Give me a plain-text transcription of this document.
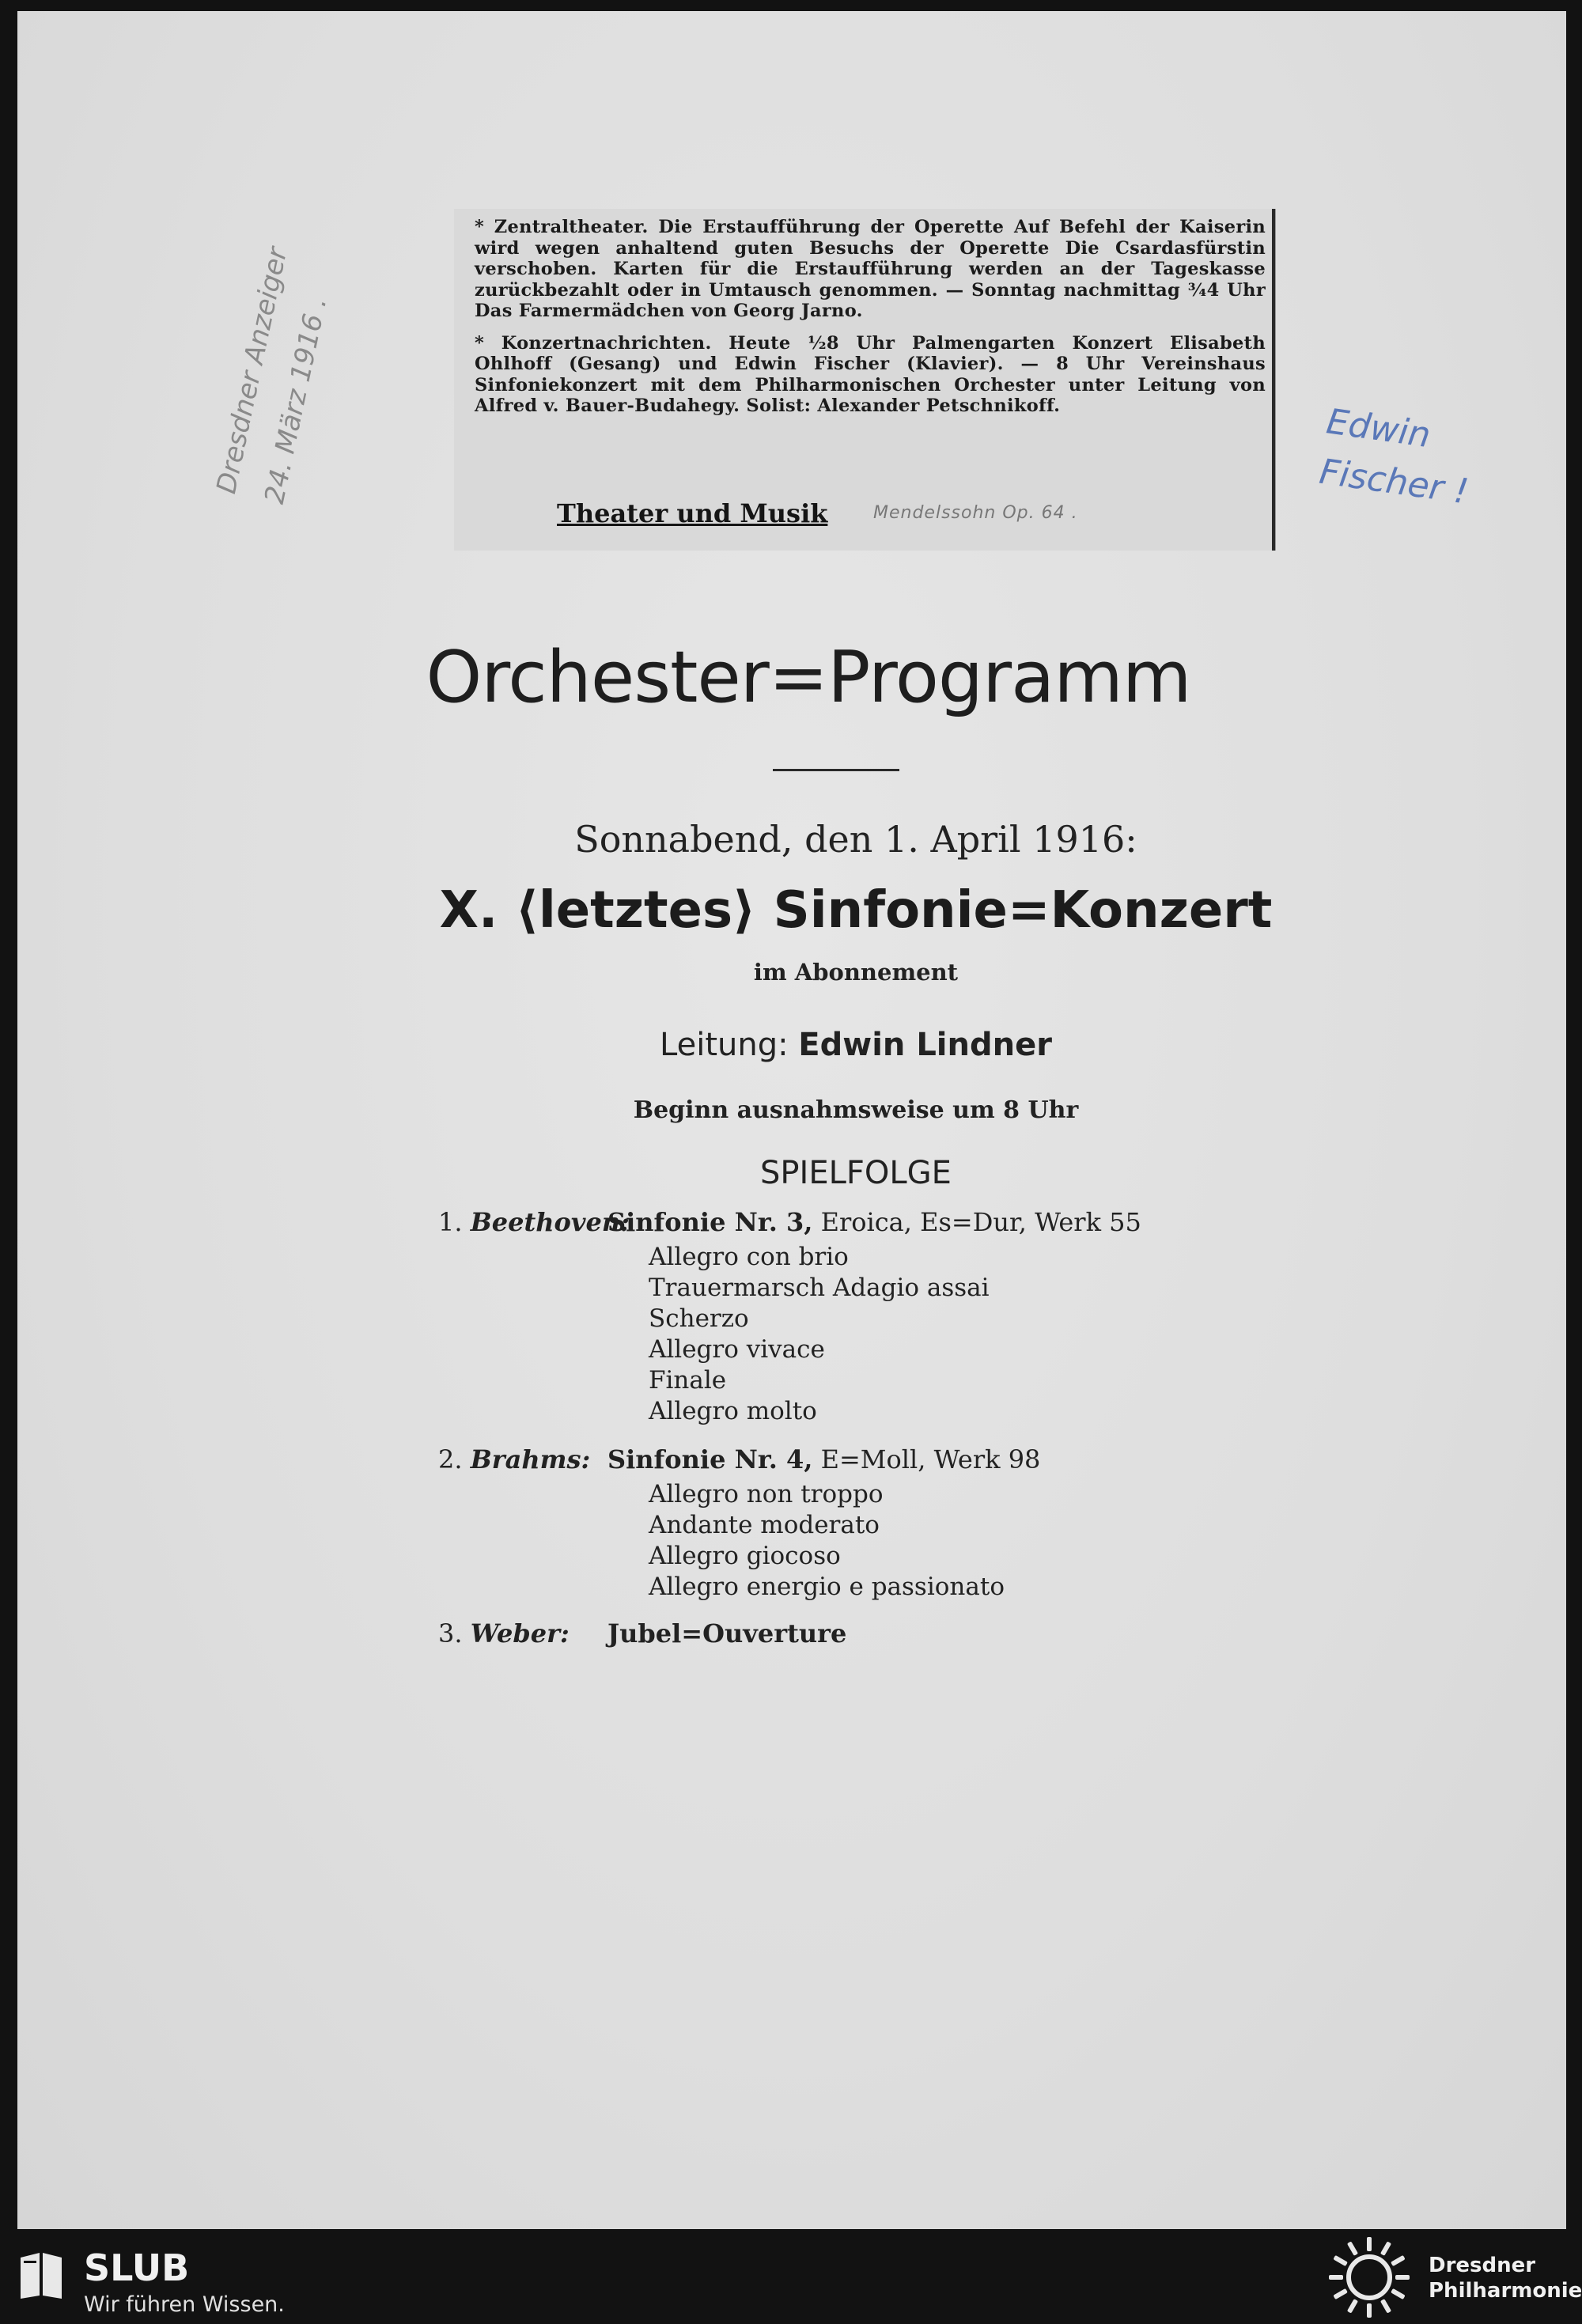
* Zentraltheater. Die Erstaufführung der Operette Auf Befehl der Kaiserin wird wegen anhaltend guten Besuchs der Operette Die Csardasfürstin verschoben. Karten für die Erstaufführung werden an der Tageskasse zurückbezahlt oder in Umtausch genommen. — Sonntag nachmittag ¾4 Uhr Das Farmermädchen von Georg Jarno.

* Konzertnachrichten. Heute ½8 Uhr Palmengarten Konzert Elisabeth Ohlhoff (Gesang) und Edwin Fischer (Klavier). — 8 Uhr Vereinshaus Sinfoniekonzert mit dem Philharmonischen Orchester unter Leitung von Alfred v. Bauer-Budahegy. Solist: Alexander Petschnikoff.

Theater und Musik	Mendelssohn Op. 64 .
Dresdner Anzeiger
24. März 1916 .	Edwin
Fischer !
Orchester=Programm
Sonnabend, den 1. April 1916:
X. ⟨letztes⟩ Sinfonie=Konzert
im Abonnement
Leitung: Edwin Lindner
Beginn ausnahmsweise um 8 Uhr
SPIELFOLGE
1. Beethoven:
Sinfonie Nr. 3, Eroica, Es=Dur, Werk 55
Allegro con brio
Trauermarsch Adagio assai
Scherzo
Allegro vivace
Finale
Allegro molto
2. Brahms: Sinfonie Nr. 4, E=Moll, Werk 98
Allegro non troppo
Andante moderato
Allegro giocoso
Allegro energio e passionato
3. Weber: Jubel=Ouverture
SLUB
Wir führen Wissen.
Dresdner
Philharmonie
